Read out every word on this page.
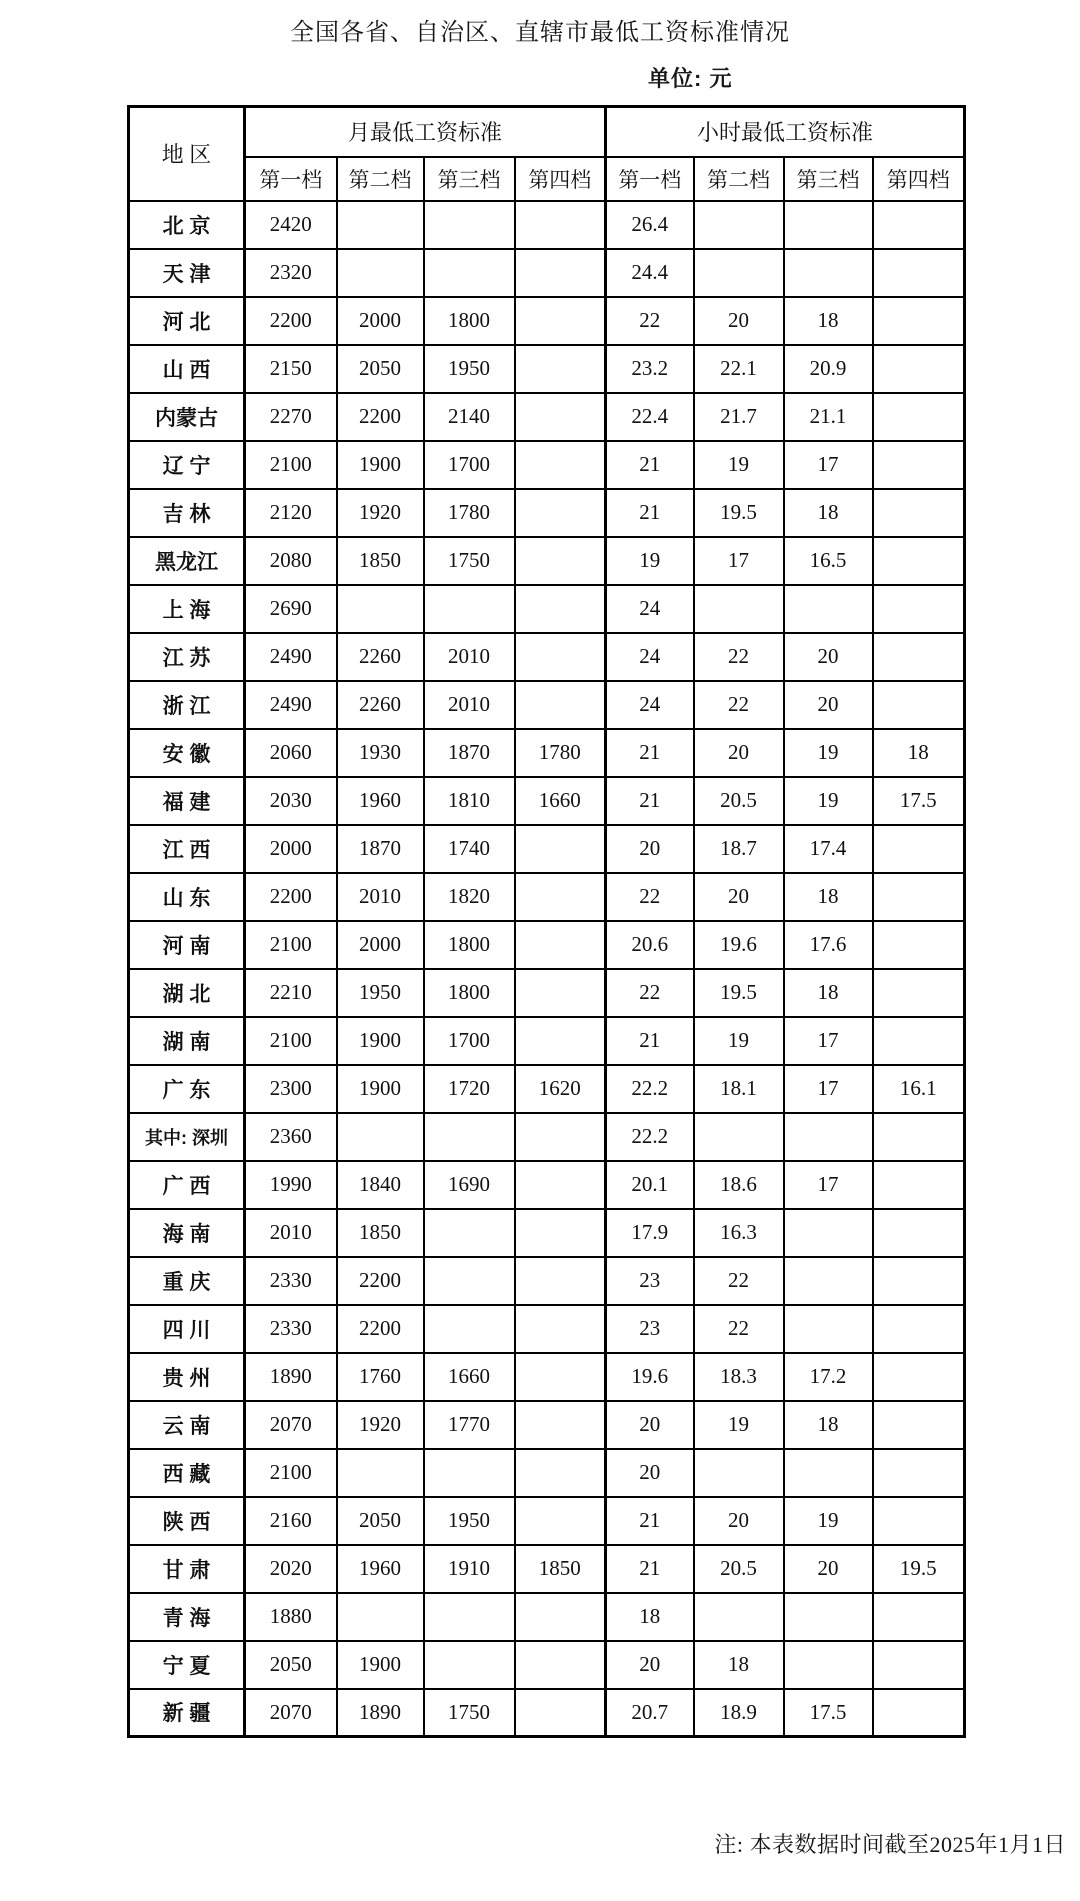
全国各省、自治区、直辖市最低工资标准情况
单位: 元
地 区	月最低工资标准				小时最低工资标准			
	第一档	第二档	第三档	第四档	第一档	第二档	第三档	第四档
北 京	2420				26.4			
天 津	2320				24.4			
河 北	2200	2000	1800		22	20	18	
山 西	2150	2050	1950		23.2	22.1	20.9	
内蒙古	2270	2200	2140		22.4	21.7	21.1	
辽 宁	2100	1900	1700		21	19	17	
吉 林	2120	1920	1780		21	19.5	18	
黑龙江	2080	1850	1750		19	17	16.5	
上 海	2690				24			
江 苏	2490	2260	2010		24	22	20	
浙 江	2490	2260	2010		24	22	20	
安 徽	2060	1930	1870	1780	21	20	19	18
福 建	2030	1960	1810	1660	21	20.5	19	17.5
江 西	2000	1870	1740		20	18.7	17.4	
山 东	2200	2010	1820		22	20	18	
河 南	2100	2000	1800		20.6	19.6	17.6	
湖 北	2210	1950	1800		22	19.5	18	
湖 南	2100	1900	1700		21	19	17	
广 东	2300	1900	1720	1620	22.2	18.1	17	16.1
其中: 深圳	2360				22.2			
广 西	1990	1840	1690		20.1	18.6	17	
海 南	2010	1850			17.9	16.3		
重 庆	2330	2200			23	22		
四 川	2330	2200			23	22		
贵 州	1890	1760	1660		19.6	18.3	17.2	
云 南	2070	1920	1770		20	19	18	
西 藏	2100				20			
陕 西	2160	2050	1950		21	20	19	
甘 肃	2020	1960	1910	1850	21	20.5	20	19.5
青 海	1880				18			
宁 夏	2050	1900			20	18		
新 疆	2070	1890	1750		20.7	18.9	17.5	
注: 本表数据时间截至2025年1月1日
